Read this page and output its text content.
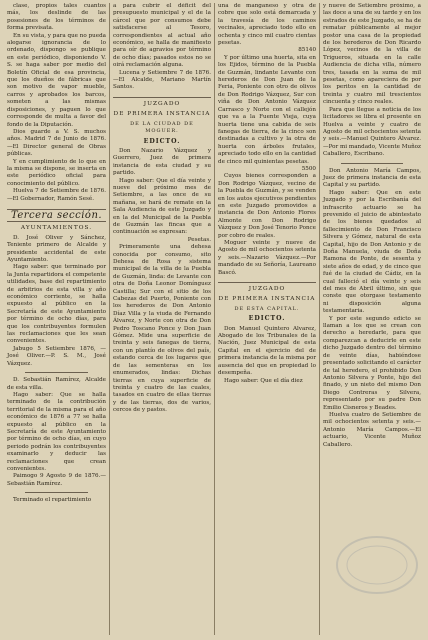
clase, propios tales cuantos más, los deslinde de las posesiones de los términos de forma previsata.

En su vista, y para que no pueda alegarse ignorancia de lo ordenado, dispongo se publique en este periódico, disponiendo V. S. se haga saber por medio del Boletín Oficial de esa provincia, que los dueños de fábricas que son motivo de vapor mueble, carros y aprobados los barcos, someten a las mismas disposiciones, y paguen lo que corresponde de multa a favor del fondo de la Diputación.

Dios guarde a V. S. muchos años. Madrid 7 de Junio de 1876.—El Director general de Obras públicas.

Y en cumplimiento de lo que en la misma se dispone, se inserta en este periódico oficial para conocimiento del público.

Huelva 7 de Setiembre de 1876.—El Gobernador, Ramón Sesé.

Tercera sección.
AYUNTAMIENTOS.

D. José Oliver y Sánchez, Teniente primero de Alcalde y presidente accidental de este Ayuntamiento.

Hago saber: que terminado por la Junta repartidora el competente utilidades, base del repartimiento de arbitrios de esta villa y año económico corriente, se halla expuesto al público en la Secretaría de este Ayuntamiento por término de ocho días, para que los contribuyentes formulen las reclamaciones que les sean convenientes.

Jabugo 5 Setiembre 1876, —José Oliver.—P. S. M., José Vázquez.

D. Sebastián Ramírez, Alcalde de esta villa.

Hago saber: Que se halla terminado de la contribución territorial de la misma para el año económico de 1876 a 77 se halla expuesto al público en la Secretaría de este Ayuntamiento por término de ocho días, en cuyo periodo podrán los contribuyentes examinarlo y deducir las reclamaciones que crean convenientes.

Paimogo 9 Agosto 9 de 1876.—Sebastián Ramírez.

Terminado el repartimiento

a para cubrir el déficit del presupuesto municipal y el de la cárcel que por consumos debe satisfacerse al Tesoro, correspondientes al actual año económico, se halla de manifiesto para oír de agravios por término de ocho días; pasados estos no se oirá reclamación alguna.

Lucena y Setiembre 7 de 1876.—El Alcalde, Mariano Martín Santos.

JUZGADO
DE PRIMERA INSTANCIA
DE LA CIUDAD DE MOGUER.
EDICTO.

Don Nazario Vázquez y Guerrero, Juez de primera instancia de esta ciudad y su partido.

Hago saber: Que el día veinte y nueve del próximo mes de Setiembre, a las once de su mañana, se hará de remate en la Sala Audiencia de este Juzgado y en la del Municipal de la Puebla de Guzmán las fincas que a continuación se expresan:

Pesetas.

Primeramente una dehesa conocida por consumo, sito Dehesa de Rosa y sistema municipal de la villa de la Puebla de Guzmán, linda: de Levante con otra de Doña Leonor Domínguez Castilla; Sur con el sitio de los Cabezas del Puerto, Poniente con los herederos de Don Antonio Díaz Villa y la viuda de Fernando Álvarez, y Norte con otra de Don Pedro Toscano Ponce y Don Juan Gómez. Mide una superficie de treinta y seis fanegas de tierra, con un plantío de olivos del país, estando cerca de los lugares que de las sementeras en los enumerados, lindas: Dichas tierras en cuya superficie de treinta y cuatro de las cuales, tasados en cuatro de ellas tierras y de las tierras, dos de varios, cercos de y pastos.

una de manganeso y otra de cobre que solo está demarcada y la travesía de los caminos vecinales, apreciado todo ello en ochenta y cinco mil cuatro cientas pesetas.

85140

Y por último una huerta, sita en los Ejidos, término de la Puebla de Guzmán, lindante Levante con herederos de Don Juan de la Feria, Poniente con otro de olivos de Don Rodrigo Vázquez, Sur con viña de Don Antonio Vázquez Carrasco y Norte con el callejón que va a la Fuente Vieja, cuya huerta tiene una cabida de seis fanegas de tierra, de la cinco son destinadas a cultivo y la otra de huerta con árboles frutales, apreciado todo ello en la cantidad de cinco mil quinientas pesetas.

5500

Cuyos bienes corresponden a Don Rodrigo Vázquez, vecino de la Puebla de Guzmán, y se venden en los autos ejecutivos pendientes en este Juzgado promovidos a instancia de Don Antonio Flores Almonte con Don Rodrigo Vázquez y Don José Tenorio Ponce por cobro de reales.

Moguer veinte y nueve de Agosto de mil ochocientos setenta y seis.—Nazario Vázquez.—Por mandado de su Señoría, Laureano Bascó.

JUZGADO
DE PRIMERA INSTANCIA
DE ESTA CAPITAL.
EDICTO.

Don Manuel Quintero Alvarez, Abogado de los Tribunales de la Nación, Juez Municipal de esta Capital en el ejercicio del de primera instancia de la misma por ausencia del que en propiedad lo desempeña.

Hago saber: Que el día diez

y nueve de Setiembre próximo, a las doce a una de su tarde y en los estrados de este Juzgado, se ha de rematar públicamente al mejor postor una casa de la propiedad de los herederos de Don Ricardo López, vecinos de la villa de Trigueros, situada en la calle Audiencia de dicha villa, número tres, tasada en la suma de mil pesetas, como apareciera de por los peritos en la cantidad de treinta y cuatro mil trescientos cincuenta y cinco reales.

Para que llegue a noticia de los licitadores se libra el presente en Huelva a veinte y cuatro de Agosto de mil ochocientos setenta y seis.—Manuel Quintero Álvarez.—Por mi mandado, Vicente Muñoz Caballero, Escribano.

Don Antonio María Campos, Juez de primera instancia de esta Capital y su partido.

Hago saber: Que en este Juzgado y por la Escribanía del infrascrito actuario se ha prevenido el juicio de abintestato de los bienes quedados al fallecimiento de Don Francisco Silvera y Gómez, natural de esta Capital, hijo de Don Antonio y de Doña Manuela, viuda de Doña Ramona de Ponte, de sesenta y siete años de edad, y de cinco que fué de la ciudad de Cádiz, en la cual falleció el día veinte y seis del mes de Abril último, sin que conste que otorgase testamento ni disposición alguna testamentaria.

Y por este segundo edicto se llaman a los que se crean con derecho a heredarle, para que comparezcan a deducirle en este dicho Juzgado dentro del término de veinte días, habiéndose presentado solicitando el carácter de tal heredero, el prohibido Don Antonio Silvera y Ponte, hijo del finado, y un nieto del mismo Don Diego Contreras y Silvera, representado por su padre Don Emilio Cisneros y Beades.

Huelva cuatro de Setiembre de mil ochocientos setenta y seis.—Antonio María Campos.—El actuario, Vicente Muñoz Caballero.
